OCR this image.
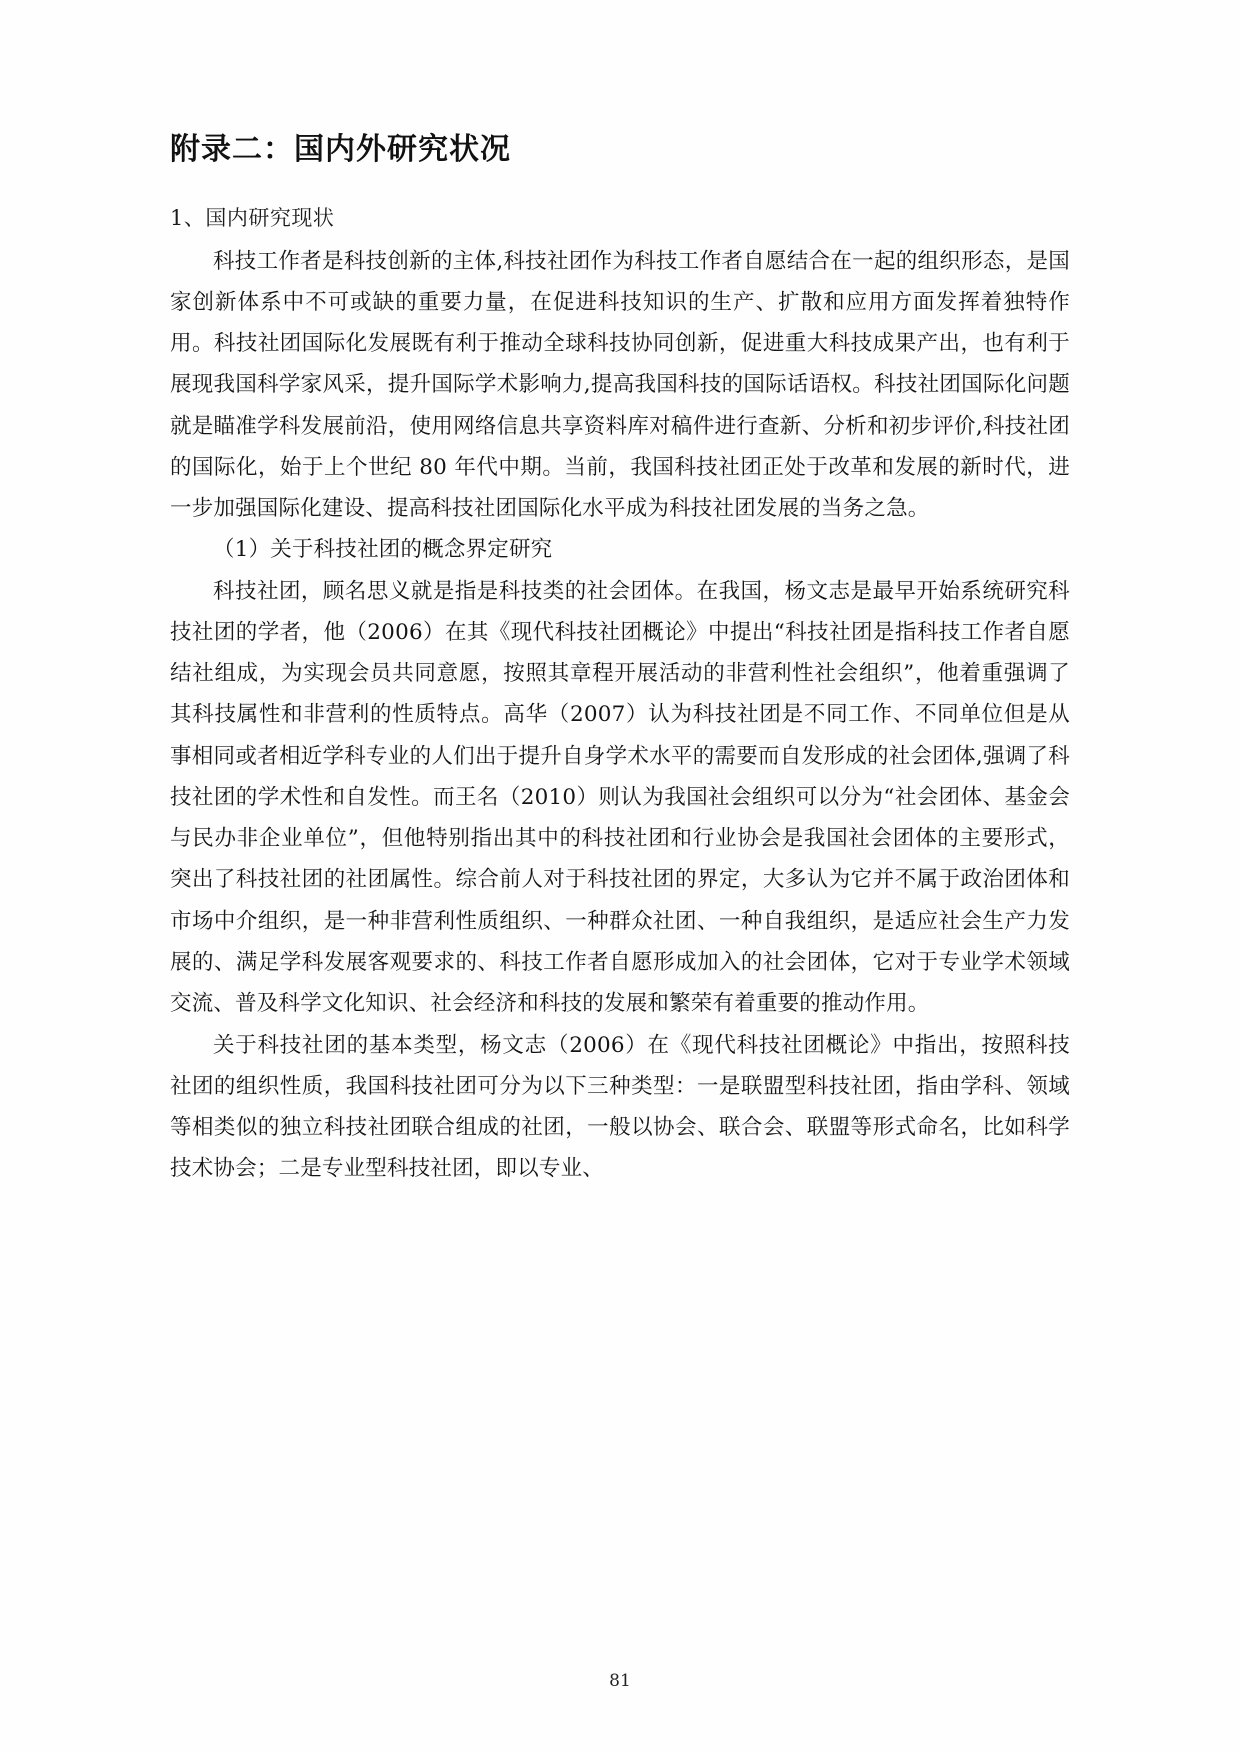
附录二：国内外研究状况
1、国内研究现状

科技工作者是科技创新的主体,科技社团作为科技工作者自愿结合在一起的组织形态，是国家创新体系中不可或缺的重要力量，在促进科技知识的生产、扩散和应用方面发挥着独特作用。科技社团国际化发展既有利于推动全球科技协同创新，促进重大科技成果产出，也有利于展现我国科学家风采，提升国际学术影响力,提高我国科技的国际话语权。科技社团国际化问题就是瞄准学科发展前沿，使用网络信息共享资料库对稿件进行查新、分析和初步评价,科技社团的国际化，始于上个世纪 80 年代中期。当前，我国科技社团正处于改革和发展的新时代，进一步加强国际化建设、提高科技社团国际化水平成为科技社团发展的当务之急。

（1）关于科技社团的概念界定研究

科技社团，顾名思义就是指是科技类的社会团体。在我国，杨文志是最早开始系统研究科技社团的学者，他（2006）在其《现代科技社团概论》中提出“科技社团是指科技工作者自愿结社组成，为实现会员共同意愿，按照其章程开展活动的非营利性社会组织”，他着重强调了其科技属性和非营利的性质特点。高华（2007）认为科技社团是不同工作、不同单位但是从事相同或者相近学科专业的人们出于提升自身学术水平的需要而自发形成的社会团体,强调了科技社团的学术性和自发性。而王名（2010）则认为我国社会组织可以分为“社会团体、基金会与民办非企业单位”，但他特别指出其中的科技社团和行业协会是我国社会团体的主要形式，突出了科技社团的社团属性。综合前人对于科技社团的界定，大多认为它并不属于政治团体和市场中介组织，是一种非营利性质组织、一种群众社团、一种自我组织，是适应社会生产力发展的、满足学科发展客观要求的、科技工作者自愿形成加入的社会团体，它对于专业学术领域交流、普及科学文化知识、社会经济和科技的发展和繁荣有着重要的推动作用。

关于科技社团的基本类型，杨文志（2006）在《现代科技社团概论》中指出，按照科技社团的组织性质，我国科技社团可分为以下三种类型：一是联盟型科技社团，指由学科、领域等相类似的独立科技社团联合组成的社团，一般以协会、联合会、联盟等形式命名，比如科学技术协会；二是专业型科技社团，即以专业、

81
